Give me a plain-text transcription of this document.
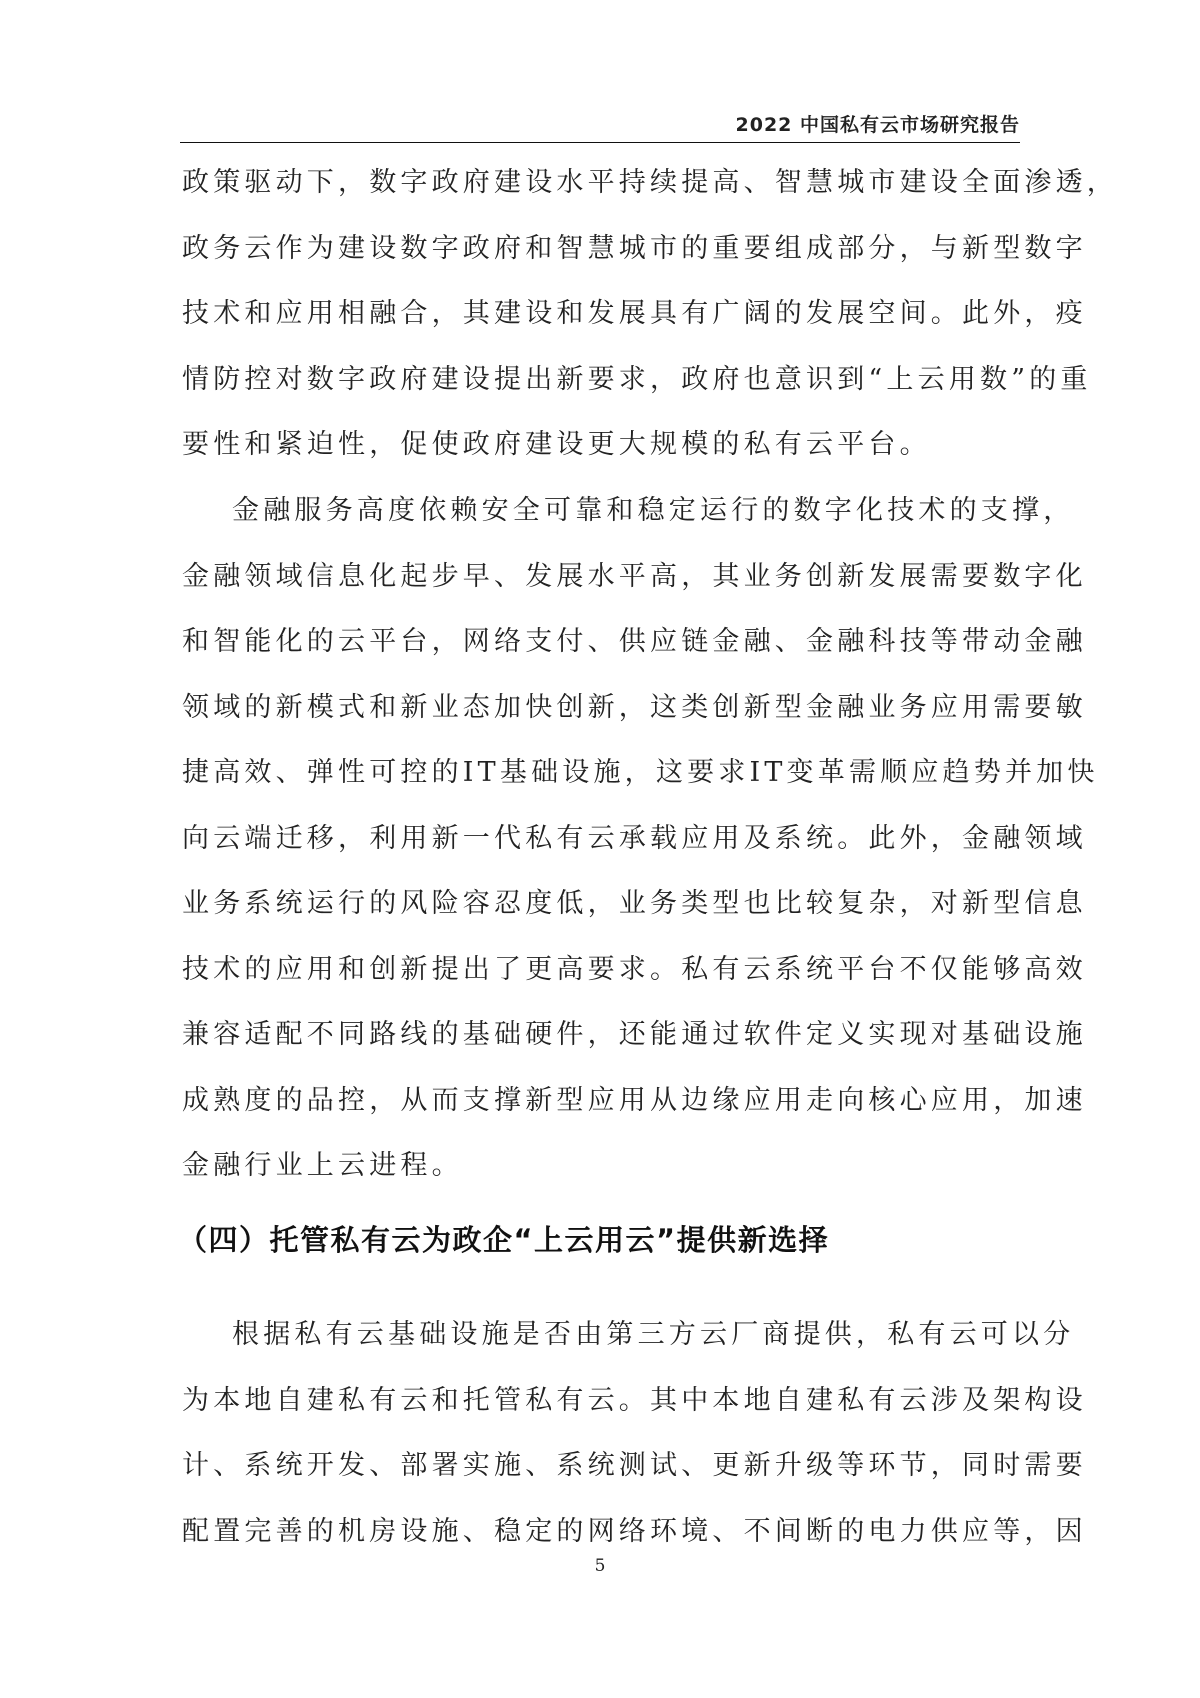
2022 中国私有云市场研究报告
政策驱动下，数字政府建设水平持续提高、智慧城市建设全面渗透，
政务云作为建设数字政府和智慧城市的重要组成部分，与新型数字
技术和应用相融合，其建设和发展具有广阔的发展空间。此外，疫
情防控对数字政府建设提出新要求，政府也意识到“上云用数”的重
要性和紧迫性，促使政府建设更大规模的私有云平台。
金融服务高度依赖安全可靠和稳定运行的数字化技术的支撑，
金融领域信息化起步早、发展水平高，其业务创新发展需要数字化
和智能化的云平台，网络支付、供应链金融、金融科技等带动金融
领域的新模式和新业态加快创新，这类创新型金融业务应用需要敏
捷高效、弹性可控的IT基础设施，这要求IT变革需顺应趋势并加快
向云端迁移，利用新一代私有云承载应用及系统。此外，金融领域
业务系统运行的风险容忍度低，业务类型也比较复杂，对新型信息
技术的应用和创新提出了更高要求。私有云系统平台不仅能够高效
兼容适配不同路线的基础硬件，还能通过软件定义实现对基础设施
成熟度的品控，从而支撑新型应用从边缘应用走向核心应用，加速
金融行业上云进程。
（四）托管私有云为政企“上云用云”提供新选择
根据私有云基础设施是否由第三方云厂商提供，私有云可以分
为本地自建私有云和托管私有云。其中本地自建私有云涉及架构设
计、系统开发、部署实施、系统测试、更新升级等环节，同时需要
配置完善的机房设施、稳定的网络环境、不间断的电力供应等，因
5
